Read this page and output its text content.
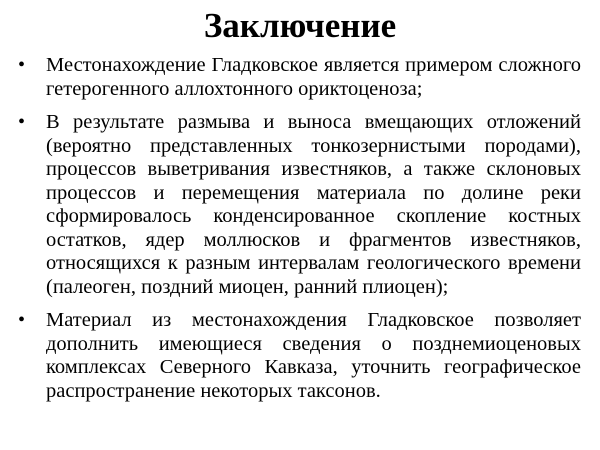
Заключение
•	Местонахождение Гладковское является примером сложного гетерогенного аллохтонного ориктоценоза;
•	В результате размыва и выноса вмещающих отложений (вероятно представленных тонкозернистыми породами), процессов выветривания известняков, а также склоновых процессов и перемещения материала по долине реки сформировалось конденсированное скопление костных остатков, ядер моллюсков и фрагментов известняков, относящихся к разным интервалам геологического времени (палеоген, поздний миоцен, ранний плиоцен);
•	Материал из местонахождения Гладковское позволяет дополнить имеющиеся сведения о позднемиоценовых комплексах Северного Кавказа, уточнить географическое распространение некоторых таксонов.
